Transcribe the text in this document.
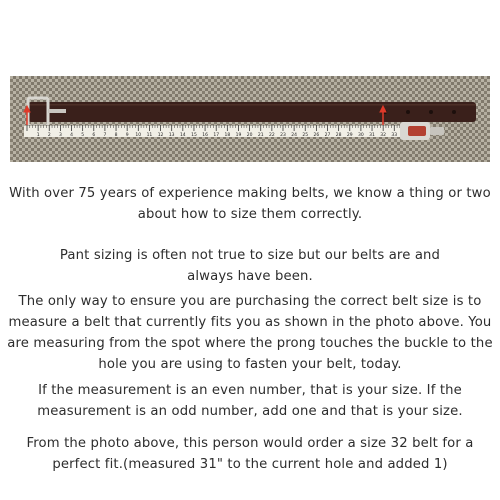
1 2 3 4 5 6 7 8 9 10 11 12 13 14 15 16 17 18 19 20 21 22 23 24 25 26 27 28 29 30 31 32 33

With over 75 years of experience making belts, we know a thing or two

about how to size them correctly.

Pant sizing is often not true to size but our belts are and

always have been.

The only way to ensure you are purchasing the correct belt size is to

measure a belt that currently fits you as shown in the photo above. You

are measuring from the spot where the prong touches the buckle to the

hole you are using to fasten your belt, today.

If the measurement is an even number, that is your size. If the

measurement is an odd number, add one and that is your size.

From the photo above, this person would order a size 32 belt for a

perfect fit.(measured 31" to the current hole and added 1)
